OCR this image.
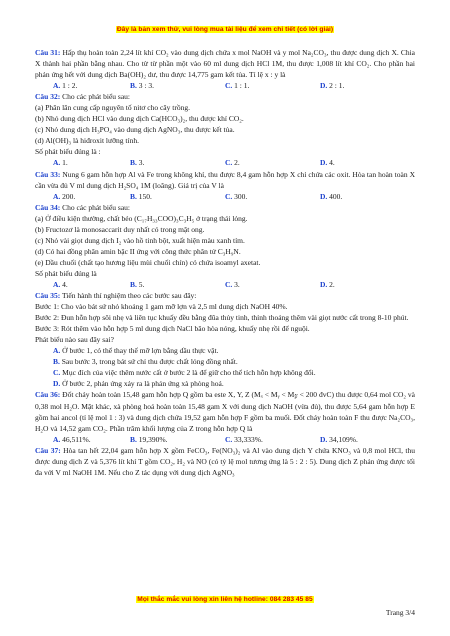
Đây là bản xem thử, vui lòng mua tài liệu để xem chi tiết (có lời giải)

Câu 31: Hấp thụ hoàn toàn 2,24 lít khí CO₂ vào dung dịch chứa x mol NaOH và y mol Na₂CO₃, thu được dung dịch X. Chia X thành hai phần bằng nhau. Cho từ từ phần một vào 60 ml dung dịch HCl 1M, thu được 1,008 lít khí CO₂. Cho phần hai phản ứng hết với dung dịch Ba(OH)₂ dư, thu được 14,775 gam kết tủa. Tỉ lệ x : y là

A. 1 : 2.	B. 3 : 3.	C. 1 : 1.	D. 2 : 1.

Câu 32: Cho các phát biểu sau:

(a) Phân lân cung cấp nguyên tố nitơ cho cây trồng.

(b) Nhỏ dung dịch HCl vào dung dịch Ca(HCO₃)₂, thu được khí CO₂.

(c) Nhỏ dung dịch H₃PO₄ vào dung dịch AgNO₃, thu được kết tủa.

(d) Al(OH)₃ là hiđroxit lưỡng tính.

Số phát biểu đúng là :

A. 1.	B. 3.	C. 2.	D. 4.

Câu 33: Nung 6 gam hỗn hợp Al và Fe trong không khí, thu được 8,4 gam hỗn hợp X chỉ chứa các oxit. Hòa tan hoàn toàn X cần vừa đủ V ml dung dịch H₂SO₄ 1M (loãng). Giá trị của V là

A. 200.	B. 150.	C. 300.	D. 400.

Câu 34: Cho các phát biểu sau:

(a) Ở điều kiện thường, chất béo (C₁₇H₃₃COO)₃C₃H₅ ở trạng thái lỏng.

(b) Fructozơ là monosaccarit duy nhất có trong mật ong.

(c) Nhỏ vài giọt dung dịch I₂ vào hồ tinh bột, xuất hiện màu xanh tím.

(d) Có hai đồng phân amin bậc II ứng với công thức phân tử C₃H₉N.

(e) Dầu chuối (chất tạo hương liệu mùi chuối chín) có chứa isoamyl axetat.

Số phát biểu đúng là

A. 4.	B. 5.	C. 3.	D. 2.

Câu 35: Tiến hành thí nghiệm theo các bước sau đây:

Bước 1: Cho vào bát sứ nhỏ khoảng 1 gam mỡ lợn và 2,5 ml dung dịch NaOH 40%.

Bước 2: Đun hỗn hợp sôi nhẹ và liên tục khuấy đều bằng đũa thủy tinh, thỉnh thoảng thêm vài giọt nước cất trong 8-10 phút.

Bước 3: Rót thêm vào hỗn hợp 5 ml dung dịch NaCl bão hòa nóng, khuấy nhẹ rồi để nguội.

Phát biểu nào sau đây sai?

A. Ở bước 1, có thể thay thế mỡ lợn bằng dầu thực vật.

B. Sau bước 3, trong bát sứ chỉ thu được chất lỏng đồng nhất.

C. Mục đích của việc thêm nước cất ở bước 2 là để giữ cho thể tích hỗn hợp không đổi.

D. Ở bước 2, phản ứng xảy ra là phản ứng xà phòng hoá.

Câu 36: Đốt cháy hoàn toàn 15,48 gam hỗn hợp Q gồm ba este X, Y, Z (Mₓ < Mᵧ < M𝓏 < 200 đvC) thu được 0,64 mol CO₂ và 0,38 mol H₂O. Mặt khác, xà phòng hoá hoàn toàn 15,48 gam X với dung dịch NaOH (vừa đủ), thu được 5,64 gam hỗn hợp E gồm hai ancol (tỉ lệ mol 1 : 3) và dung dịch chứa 19,52 gam hỗn hợp F gồm ba muối. Đốt cháy hoàn toàn F thu được Na₂CO₃, H₂O và 14,52 gam CO₂. Phần trăm khối lượng của Z trong hỗn hợp Q là

A. 46,511%.	B. 19,390%.	C. 33,333%.	D. 34,109%.

Câu 37: Hòa tan hết 22,04 gam hỗn hợp X gồm FeCO₃, Fe(NO₃)₂ và Al vào dung dịch Y chứa KNO₃ và 0,8 mol HCl, thu được dung dịch Z và 5,376 lít khí T gồm CO₂, H₂ và NO (có tỷ lệ mol tương ứng là 5 : 2 : 5). Dung dịch Z phản ứng được tối đa với V ml NaOH 1M. Nếu cho Z tác dụng với dung dịch AgNO₃

Mọi thắc mắc vui lòng xin liên hệ hotline: 084 283 45 85
Trang 3/4
